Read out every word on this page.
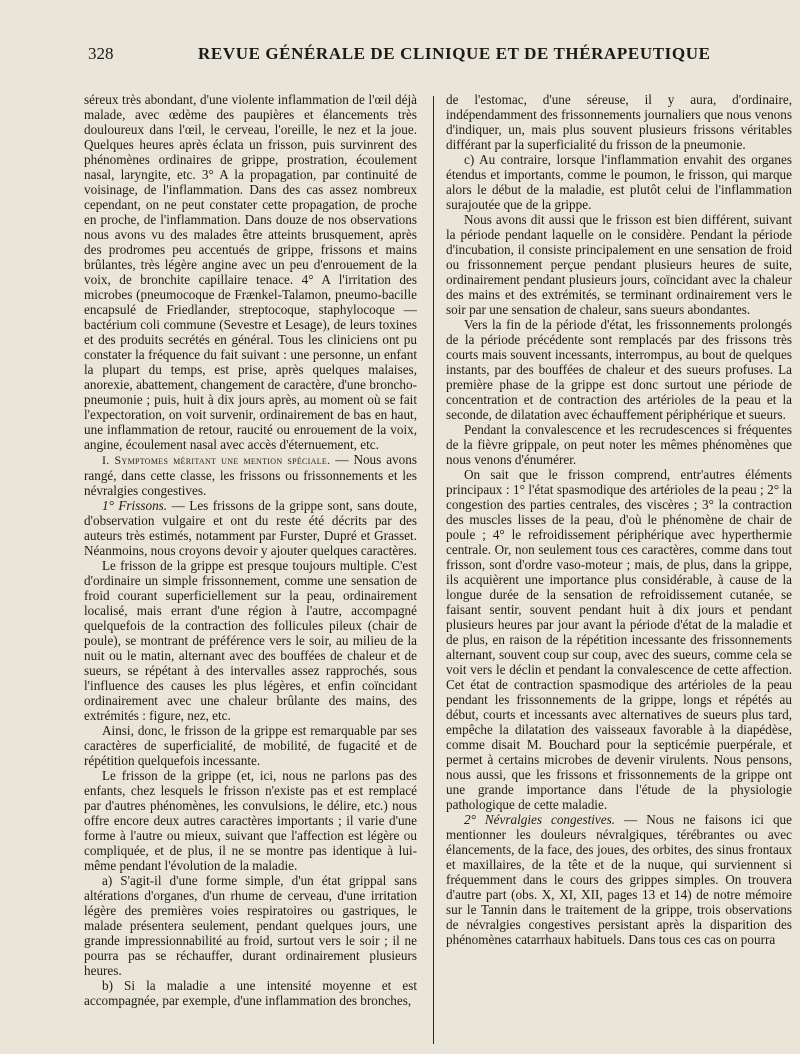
328	REVUE GÉNÉRALE DE CLINIQUE ET DE THÉRAPEUTIQUE

séreux très abondant, d'une violente inflammation de l'œil déjà malade, avec œdème des paupières et élancements très douloureux dans l'œil, le cerveau, l'oreille, le nez et la joue. Quelques heures après éclata un frisson, puis survinrent des phénomènes ordinaires de grippe, prostration, écoulement nasal, laryngite, etc. 3° A la propagation, par continuité de voisinage, de l'inflammation. Dans des cas assez nombreux cependant, on ne peut constater cette propagation, de proche en proche, de l'inflammation. Dans douze de nos observations nous avons vu des malades être atteints brusquement, après des prodromes peu accentués de grippe, frissons et mains brûlantes, très légère angine avec un peu d'enrouement de la voix, de bronchite capillaire tenace. 4° A l'irritation des microbes (pneumocoque de Frænkel-Talamon, pneumo-bacille encapsulé de Friedlander, streptocoque, staphylocoque — bactérium coli commune (Sevestre et Lesage), de leurs toxines et des produits secrétés en général. Tous les cliniciens ont pu constater la fréquence du fait suivant : une personne, un enfant la plupart du temps, est prise, après quelques malaises, anorexie, abattement, changement de caractère, d'une broncho-pneumonie ; puis, huit à dix jours après, au moment où se fait l'expectoration, on voit survenir, ordinairement de bas en haut, une inflammation de retour, raucité ou enrouement de la voix, angine, écoulement nasal avec accès d'éternuement, etc.

I. Symptomes méritant une mention spéciale. — Nous avons rangé, dans cette classe, les frissons ou frissonnements et les névralgies congestives.

1° Frissons. — Les frissons de la grippe sont, sans doute, d'observation vulgaire et ont du reste été décrits par des auteurs très estimés, notamment par Furster, Dupré et Grasset. Néanmoins, nous croyons devoir y ajouter quelques caractères.

Le frisson de la grippe est presque toujours multiple. C'est d'ordinaire un simple frissonnement, comme une sensation de froid courant superficiellement sur la peau, ordinairement localisé, mais errant d'une région à l'autre, accompagné quelquefois de la contraction des follicules pileux (chair de poule), se montrant de préférence vers le soir, au milieu de la nuit ou le matin, alternant avec des bouffées de chaleur et de sueurs, se répétant à des intervalles assez rapprochés, sous l'influence des causes les plus légères, et enfin coïncidant ordinairement avec une chaleur brûlante des mains, des extrémités : figure, nez, etc.

Ainsi, donc, le frisson de la grippe est remarquable par ses caractères de superficialité, de mobilité, de fugacité et de répétition quelquefois incessante.

Le frisson de la grippe (et, ici, nous ne parlons pas des enfants, chez lesquels le frisson n'existe pas et est remplacé par d'autres phénomènes, les convulsions, le délire, etc.) nous offre encore deux autres caractères importants ; il varie d'une forme à l'autre ou mieux, suivant que l'affection est légère ou compliquée, et de plus, il ne se montre pas identique à lui-même pendant l'évolution de la maladie.

a) S'agit-il d'une forme simple, d'un état grippal sans altérations d'organes, d'un rhume de cerveau, d'une irritation légère des premières voies respiratoires ou gastriques, le malade présentera seulement, pendant quelques jours, une grande impressionnabilité au froid, surtout vers le soir ; il ne pourra pas se réchauffer, durant ordinairement plusieurs heures.

b) Si la maladie a une intensité moyenne et est accompagnée, par exemple, d'une inflammation des bronches,

de l'estomac, d'une séreuse, il y aura, d'ordinaire, indépendamment des frissonnements journaliers que nous venons d'indiquer, un, mais plus souvent plusieurs frissons véritables différant par la superficialité du frisson de la pneumonie.

c) Au contraire, lorsque l'inflammation envahit des organes étendus et importants, comme le poumon, le frisson, qui marque alors le début de la maladie, est plutôt celui de l'inflammation surajoutée que de la grippe.

Nous avons dit aussi que le frisson est bien différent, suivant la période pendant laquelle on le considère. Pendant la période d'incubation, il consiste principalement en une sensation de froid ou frissonnement perçue pendant plusieurs heures de suite, ordinairement pendant plusieurs jours, coïncidant avec la chaleur des mains et des extrémités, se terminant ordinairement vers le soir par une sensation de chaleur, sans sueurs abondantes.

Vers la fin de la période d'état, les frissonnements prolongés de la période précédente sont remplacés par des frissons très courts mais souvent incessants, interrompus, au bout de quelques instants, par des bouffées de chaleur et des sueurs profuses. La première phase de la grippe est donc surtout une période de concentration et de contraction des artérioles de la peau et la seconde, de dilatation avec échauffement périphérique et sueurs.

Pendant la convalescence et les recrudescences si fréquentes de la fièvre grippale, on peut noter les mêmes phénomènes que nous venons d'énumérer.

On sait que le frisson comprend, entr'autres éléments principaux : 1° l'état spasmodique des artérioles de la peau ; 2° la congestion des parties centrales, des viscères ; 3° la contraction des muscles lisses de la peau, d'où le phénomène de chair de poule ; 4° le refroidissement périphérique avec hyperthermie centrale. Or, non seulement tous ces caractères, comme dans tout frisson, sont d'ordre vaso-moteur ; mais, de plus, dans la grippe, ils acquièrent une importance plus considérable, à cause de la longue durée de la sensation de refroidissement cutanée, se faisant sentir, souvent pendant huit à dix jours et pendant plusieurs heures par jour avant la période d'état de la maladie et de plus, en raison de la répétition incessante des frissonnements alternant, souvent coup sur coup, avec des sueurs, comme cela se voit vers le déclin et pendant la convalescence de cette affection. Cet état de contraction spasmodique des artérioles de la peau pendant les frissonnements de la grippe, longs et répétés au début, courts et incessants avec alternatives de sueurs plus tard, empêche la dilatation des vaisseaux favorable à la diapédèse, comme disait M. Bouchard pour la septicémie puerpérale, et permet à certains microbes de devenir virulents. Nous pensons, nous aussi, que les frissons et frissonnements de la grippe ont une grande importance dans l'étude de la physiologie pathologique de cette maladie.

2° Névralgies congestives. — Nous ne faisons ici que mentionner les douleurs névralgiques, térébrantes ou avec élancements, de la face, des joues, des orbites, des sinus frontaux et maxillaires, de la tête et de la nuque, qui surviennent si fréquemment dans le cours des grippes simples. On trouvera d'autre part (obs. X, XI, XII, pages 13 et 14) de notre mémoire sur le Tannin dans le traitement de la grippe, trois observations de névralgies congestives persistant après la disparition des phénomènes catarrhaux habituels. Dans tous ces cas on pourra
